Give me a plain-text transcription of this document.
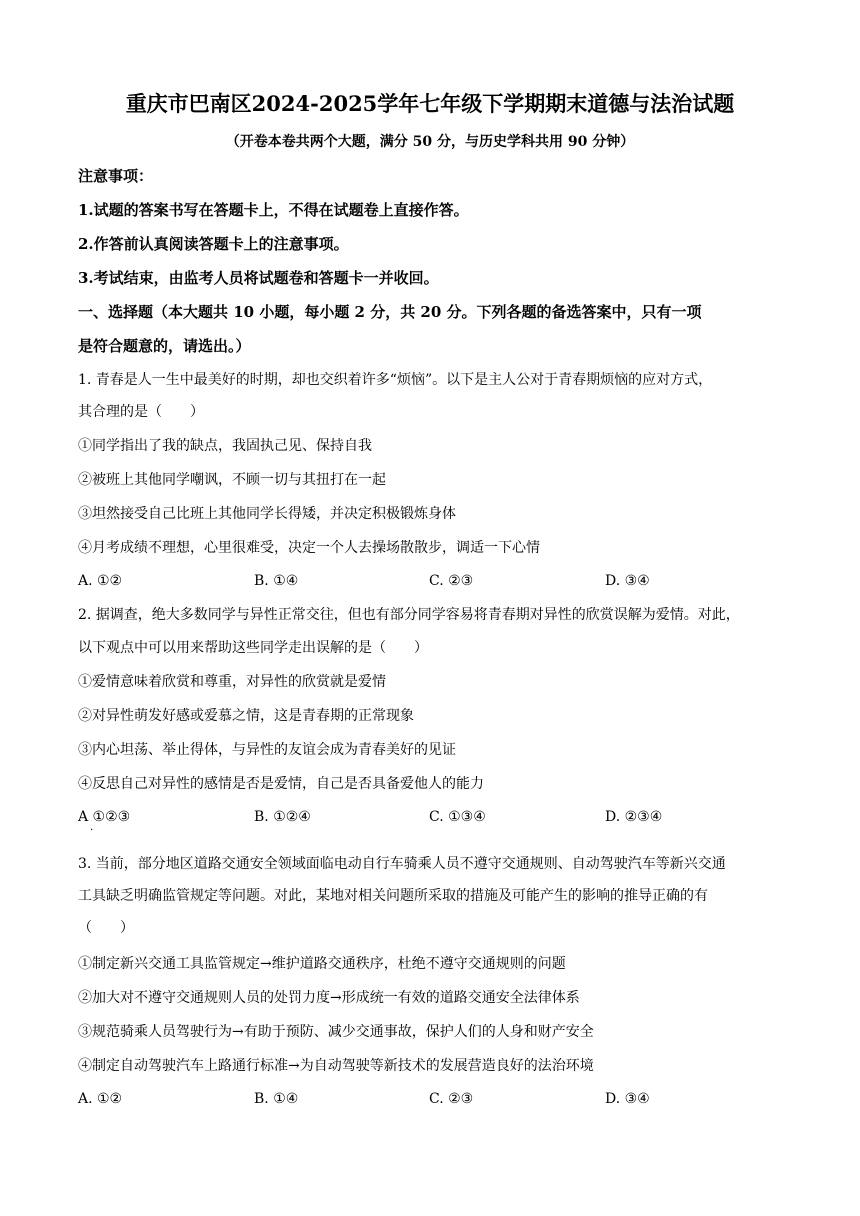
重庆市巴南区2024-2025学年七年级下学期期末道德与法治试题
（开卷本卷共两个大题，满分 50 分，与历史学科共用 90 分钟）
注意事项：
1.试题的答案书写在答题卡上，不得在试题卷上直接作答。
2.作答前认真阅读答题卡上的注意事项。
3.考试结束，由监考人员将试题卷和答题卡一并收回。
一、选择题（本大题共 10 小题，每小题 2 分，共 20 分。下列各题的备选答案中，只有一项
是符合题意的，请选出。）
1. 青春是人一生中最美好的时期，却也交织着许多“烦恼”。以下是主人公对于青春期烦恼的应对方式，
其合理的是（　　）
①同学指出了我的缺点，我固执己见、保持自我
②被班上其他同学嘲讽，不顾一切与其扭打在一起
③坦然接受自己比班上其他同学长得矮，并决定积极锻炼身体
④月考成绩不理想，心里很难受，决定一个人去操场散散步，调适一下心情
A. ①②	B. ①④	C. ②③	D. ③④
2. 据调查，绝大多数同学与异性正常交往，但也有部分同学容易将青春期对异性的欣赏误解为爱情。对此，
以下观点中可以用来帮助这些同学走出误解的是（　　）
①爱情意味着欣赏和尊重，对异性的欣赏就是爱情
②对异性萌发好感或爱慕之情，这是青春期的正常现象
③内心坦荡、举止得体，与异性的友谊会成为青春美好的见证
④反思自己对异性的感情是否是爱情，自己是否具备爱他人的能力
A ①②③	B. ①②④	C. ①③④	D. ②③④
·
3. 当前，部分地区道路交通安全领域面临电动自行车骑乘人员不遵守交通规则、自动驾驶汽车等新兴交通
工具缺乏明确监管规定等问题。对此，某地对相关问题所采取的措施及可能产生的影响的推导正确的有
（　　）
①制定新兴交通工具监管规定→维护道路交通秩序，杜绝不遵守交通规则的问题
②加大对不遵守交通规则人员的处罚力度→形成统一有效的道路交通安全法律体系
③规范骑乘人员驾驶行为→有助于预防、减少交通事故，保护人们的人身和财产安全
④制定自动驾驶汽车上路通行标准→为自动驾驶等新技术的发展营造良好的法治环境
A. ①②	B. ①④	C. ②③	D. ③④
